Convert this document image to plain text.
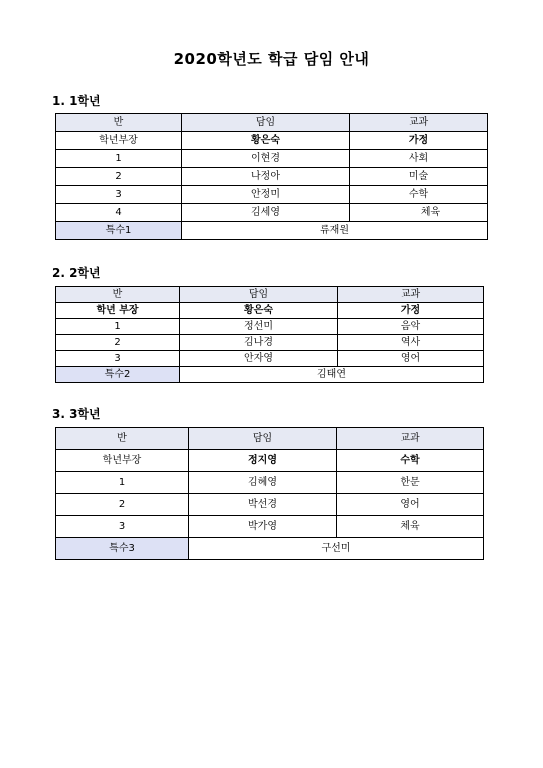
2020학년도 학급 담임 안내
1. 1학년
반	담임	교과
학년부장	황은숙	가정
1	이현경	사회
2	나정아	미술
3	안정미	수학
4	김세영	체육
특수1	류재원	
2. 2학년
반	담임	교과
학년 부장	황은숙	가정
1	정선미	음악
2	김나경	역사
3	안자영	영어
특수2	김태연	
3. 3학년
반	담임	교과
학년부장	정지영	수학
1	김혜영	한문
2	박선경	영어
3	박가영	체육
특수3	구선미	
